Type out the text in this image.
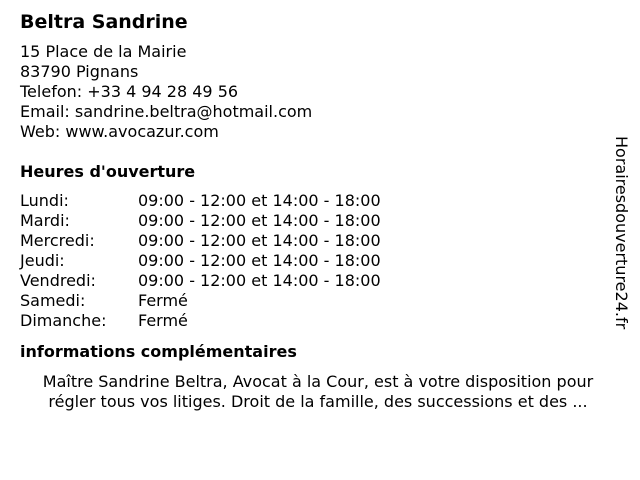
Beltra Sandrine
15 Place de la Mairie
83790 Pignans
Telefon: +33 4 94 28 49 56
Email: sandrine.beltra@hotmail.com
Web: www.avocazur.com
Heures d'ouverture
Lundi:	09:00 - 12:00 et 14:00 - 18:00
Mardi:	09:00 - 12:00 et 14:00 - 18:00
Mercredi:	09:00 - 12:00 et 14:00 - 18:00
Jeudi:	09:00 - 12:00 et 14:00 - 18:00
Vendredi:	09:00 - 12:00 et 14:00 - 18:00
Samedi:	Fermé
Dimanche:	Fermé
informations complémentaires
Maître Sandrine Beltra, Avocat à la Cour, est à votre disposition pour
régler tous vos litiges. Droit de la famille, des successions et des ...
Horairesdouverture24.fr
